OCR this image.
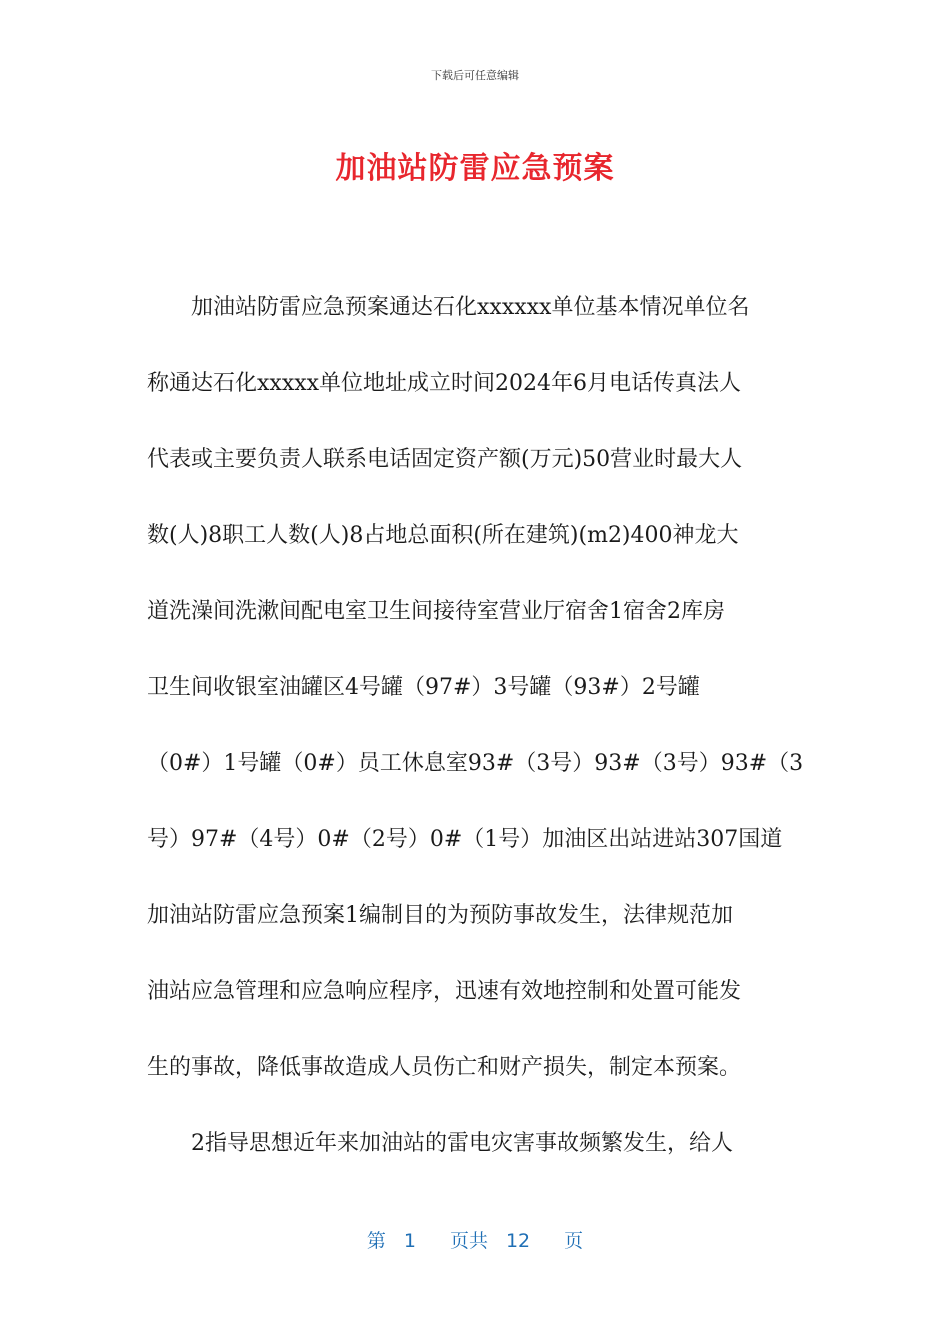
下载后可任意编辑
加油站防雷应急预案
加油站防雷应急预案通达石化xxxxxx单位基本情况单位名
称通达石化xxxxx单位地址成立时间2024年6月电话传真法人
代表或主要负责人联系电话固定资产额(万元)50营业时最大人
数(人)8职工人数(人)8占地总面积(所在建筑)(m2)400神龙大
道洗澡间洗漱间配电室卫生间接待室营业厅宿舍1宿舍2库房
卫生间收银室油罐区4号罐（97#）3号罐（93#）2号罐
（0#）1号罐（0#）员工休息室93#（3号）93#（3号）93#（3
号）97#（4号）0#（2号）0#（1号）加油区出站进站307国道
加油站防雷应急预案1编制目的为预防事故发生，法律规范加
油站应急管理和应急响应程序，迅速有效地控制和处置可能发
生的事故，降低事故造成人员伤亡和财产损失，制定本预案。
2指导思想近年来加油站的雷电灾害事故频繁发生，给人
第 1 页共 12 页
